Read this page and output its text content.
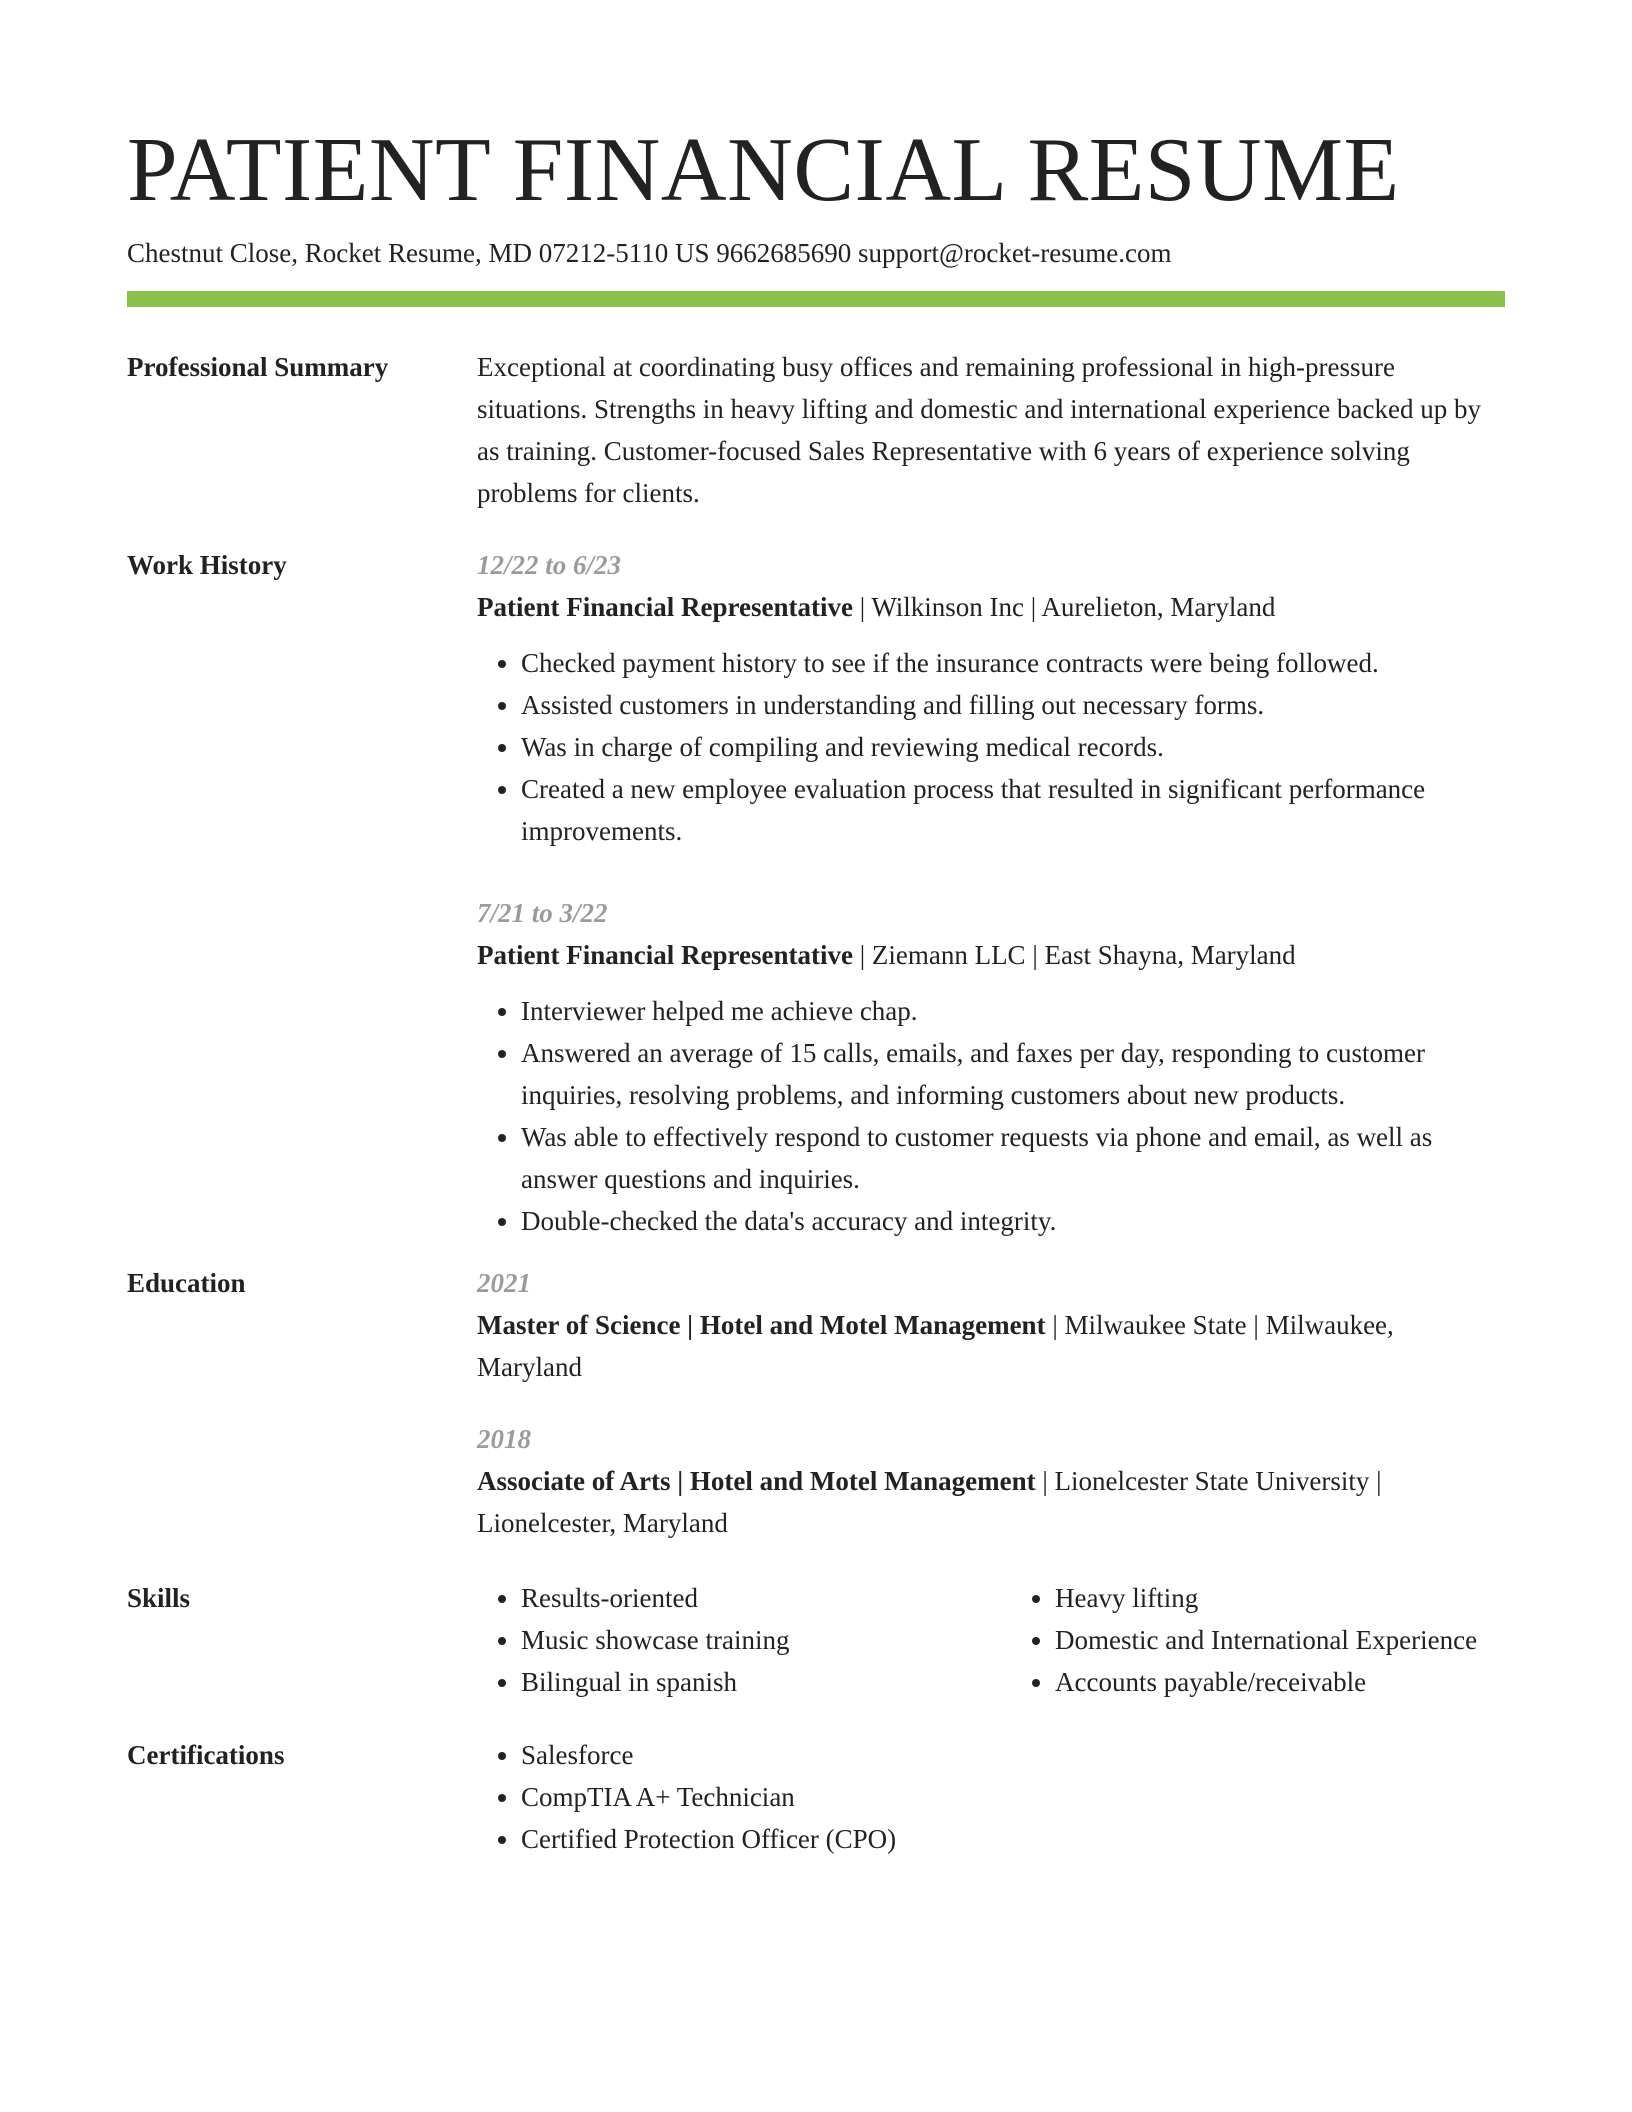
PATIENT FINANCIAL RESUME
Chestnut Close, Rocket Resume, MD 07212-5110 US 9662685690 support@rocket-resume.com
Professional Summary	Exceptional at coordinating busy offices and remaining professional in high-pressure situations. Strengths in heavy lifting and domestic and international experience backed up by as training. Customer-focused Sales Representative with 6 years of experience solving problems for clients.
Work History	12/22 to 6/23
Patient Financial Representative | Wilkinson Inc | Aurelieton, Maryland
• Checked payment history to see if the insurance contracts were being followed.
• Assisted customers in understanding and filling out necessary forms.
• Was in charge of compiling and reviewing medical records.
• Created a new employee evaluation process that resulted in significant performance improvements.
7/21 to 3/22
Patient Financial Representative | Ziemann LLC | East Shayna, Maryland
• Interviewer helped me achieve chap.
• Answered an average of 15 calls, emails, and faxes per day, responding to customer inquiries, resolving problems, and informing customers about new products.
• Was able to effectively respond to customer requests via phone and email, as well as answer questions and inquiries.
• Double-checked the data's accuracy and integrity.
Education	2021
Master of Science | Hotel and Motel Management | Milwaukee State | Milwaukee, Maryland
2018
Associate of Arts | Hotel and Motel Management | Lionelcester State University | Lionelcester, Maryland
Skills	• Results-oriented
• Music showcase training
• Bilingual in spanish
• Heavy lifting
• Domestic and International Experience
• Accounts payable/receivable
Certifications	• Salesforce
• CompTIA A+ Technician
• Certified Protection Officer (CPO)
